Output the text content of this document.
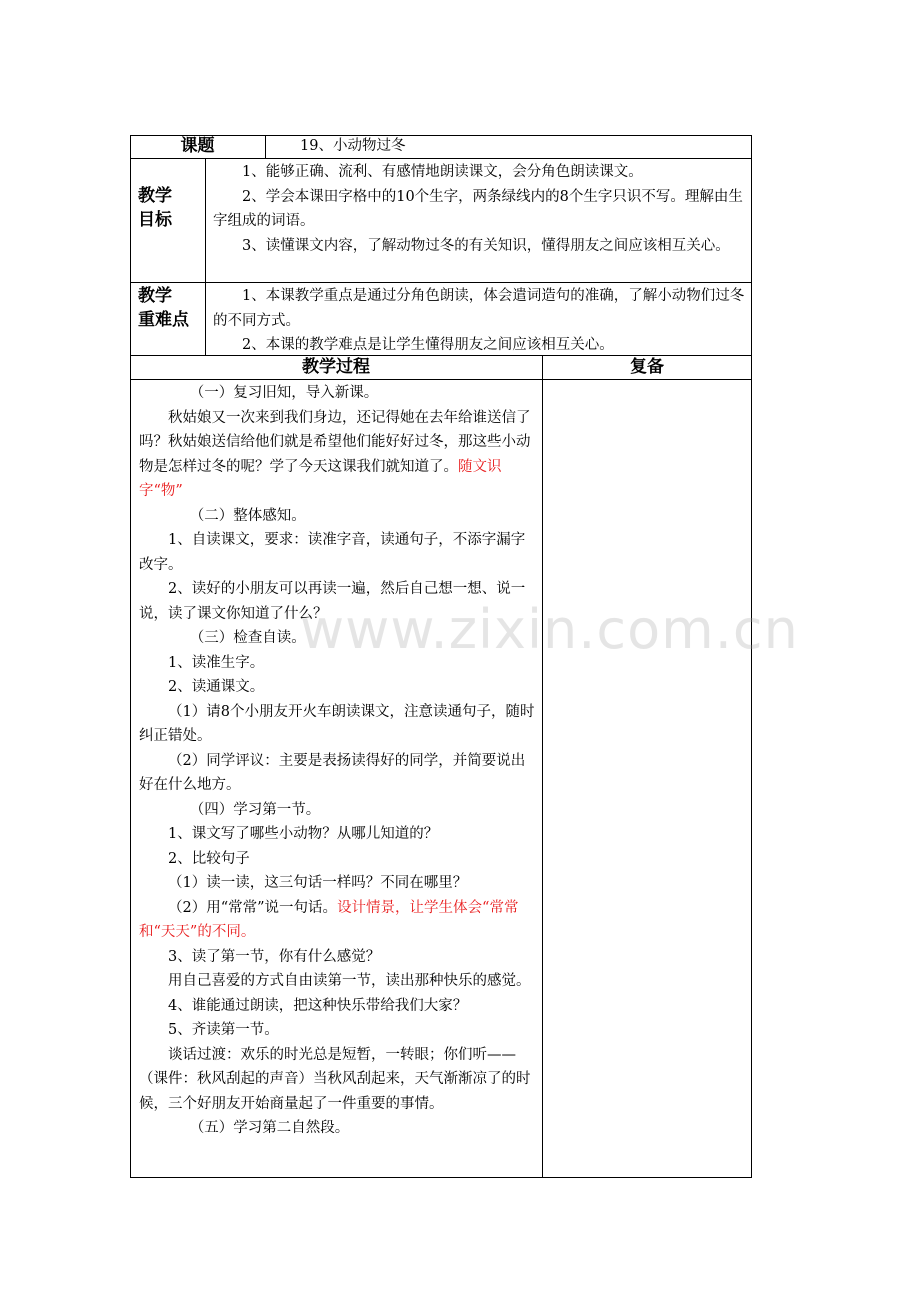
课题	19、小动物过冬
教学
目标

1、能够正确、流利、有感情地朗读课文，会分角色朗读课文。

2、学会本课田字格中的10个生字，两条绿线内的8个生字只识不写。理解由生字组成的词语。

3、读懂课文内容，了解动物过冬的有关知识，懂得朋友之间应该相互关心。

教学
重难点

1、本课教学重点是通过分角色朗读，体会遣词造句的准确，了解小动物们过冬的不同方式。

2、本课的教学难点是让学生懂得朋友之间应该相互关心。

教学过程	复备

（一）复习旧知，导入新课。

秋姑娘又一次来到我们身边，还记得她在去年给谁送信了吗？秋姑娘送信给他们就是希望他们能好好过冬，那这些小动物是怎样过冬的呢？学了今天这课我们就知道了。随文识字“物”

（二）整体感知。

1、自读课文，要求：读准字音，读通句子，不添字漏字改字。

2、读好的小朋友可以再读一遍，然后自己想一想、说一说，读了课文你知道了什么？

（三）检查自读。

1、读准生字。

2、读通课文。

（1）请8个小朋友开火车朗读课文，注意读通句子，随时纠正错处。

（2）同学评议：主要是表扬读得好的同学，并简要说出好在什么地方。

（四）学习第一节。

1、课文写了哪些小动物？从哪儿知道的？

2、比较句子

（1）读一读，这三句话一样吗？不同在哪里？

（2）用“常常”说一句话。设计情景，让学生体会“常常和“天天”的不同。

3、读了第一节，你有什么感觉？

用自己喜爱的方式自由读第一节，读出那种快乐的感觉。

4、谁能通过朗读，把这种快乐带给我们大家？

5、齐读第一节。

谈话过渡：欢乐的时光总是短暂，一转眼；你们听——（课件：秋风刮起的声音）当秋风刮起来，天气渐渐凉了的时候，三个好朋友开始商量起了一件重要的事情。

（五）学习第二自然段。

www.zixin.com.cn
